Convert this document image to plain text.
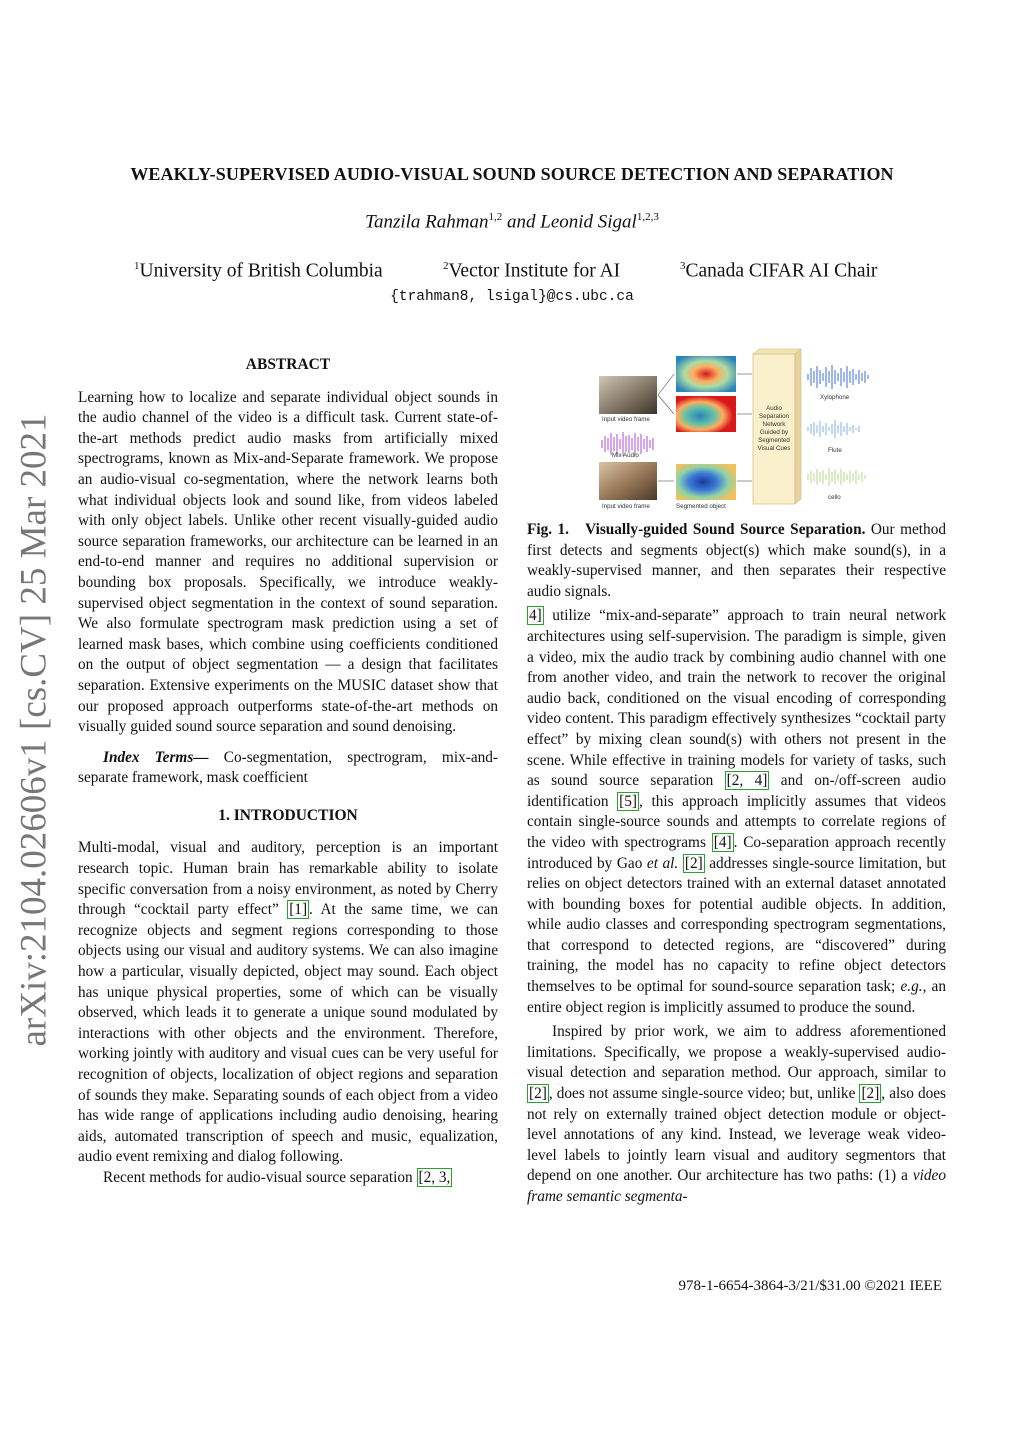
WEAKLY-SUPERVISED AUDIO-VISUAL SOUND SOURCE DETECTION AND SEPARATION
Tanzila Rahman$^{1,2}$ and Leonid Sigal$^{1,2,3}$
$^1$University of British Columbia	$^2$Vector Institute for AI	$^3$Canada CIFAR AI Chair
{trahman8, lsigal}@cs.ubc.ca
arXiv:2104.02606v1 [cs.CV] 25 Mar 2021
ABSTRACT

Learning how to localize and separate individual object sounds in the audio channel of the video is a difficult task. Current state-of-the-art methods predict audio masks from artificially mixed spectrograms, known as Mix-and-Separate framework. We propose an audio-visual co-segmentation, where the network learns both what individual objects look and sound like, from videos labeled with only object labels. Unlike other recent visually-guided audio source separation frameworks, our architecture can be learned in an end-to-end manner and requires no additional supervision or bounding box proposals. Specifically, we introduce weakly-supervised object segmentation in the context of sound separation. We also formulate spectrogram mask prediction using a set of learned mask bases, which combine using coefficients conditioned on the output of object segmentation — a design that facilitates separation. Extensive experiments on the MUSIC dataset show that our proposed approach outperforms state-of-the-art methods on visually guided sound source separation and sound denoising.

Index Terms— Co-segmentation, spectrogram, mix-and-separate framework, mask coefficient

1. INTRODUCTION

Multi-modal, visual and auditory, perception is an important research topic. Human brain has remarkable ability to isolate specific conversation from a noisy environment, as noted by Cherry through “cocktail party effect” [1] . At the same time, we can recognize objects and segment regions corresponding to those objects using our visual and auditory systems. We can also imagine how a particular, visually depicted, object may sound. Each object has unique physical properties, some of which can be visually observed, which leads it to generate a unique sound modulated by interactions with other objects and the environment. Therefore, working jointly with auditory and visual cues can be very useful for recognition of objects, localization of object regions and separation of sounds they make. Separating sounds of each object from a video has wide range of applications including audio denoising, hearing aids, automated transcription of speech and music, equalization, audio event remixing and dialog following.

Recent methods for audio-visual source separation [2, 3,

Input video frame
Mix Audio
Input video frame	Segmented object
Audio
Separation
Network
Guided by
Segmented
Visual Cues
Xylophone
Flute
cello

Fig. 1.   Visually-guided Sound Source Separation. Our method first detects and segments object(s) which make sound(s), in a weakly-supervised manner, and then separates their respective audio signals.

4] utilize “mix-and-separate” approach to train neural network architectures using self-supervision. The paradigm is simple, given a video, mix the audio track by combining audio channel with one from another video, and train the network to recover the original audio back, conditioned on the visual encoding of corresponding video content. This paradigm effectively synthesizes “cocktail party effect” by mixing clean sound(s) with others not present in the scene. While effective in training models for variety of tasks, such as sound source separation [2, 4] and on-/off-screen audio identification [5] , this approach implicitly assumes that videos contain single-source sounds and attempts to correlate regions of the video with spectrograms [4] . Co-separation approach recently introduced by Gao et al. [2] addresses single-source limitation, but relies on object detectors trained with an external dataset annotated with bounding boxes for potential audible objects. In addition, while audio classes and corresponding spectrogram segmentations, that correspond to detected regions, are “discovered” during training, the model has no capacity to refine object detectors themselves to be optimal for sound-source separation task; e.g., an entire object region is implicitly assumed to produce the sound.

Inspired by prior work, we aim to address aforementioned limitations. Specifically, we propose a weakly-supervised audio-visual detection and separation method. Our approach, similar to [2] , does not assume single-source video; but, unlike [2] , also does not rely on externally trained object detection module or object-level annotations of any kind. Instead, we leverage weak video-level labels to jointly learn visual and auditory segmentors that depend on one another. Our architecture has two paths: (1) a video frame semantic segmenta-

978-1-6654-3864-3/21/$31.00 ©2021 IEEE
